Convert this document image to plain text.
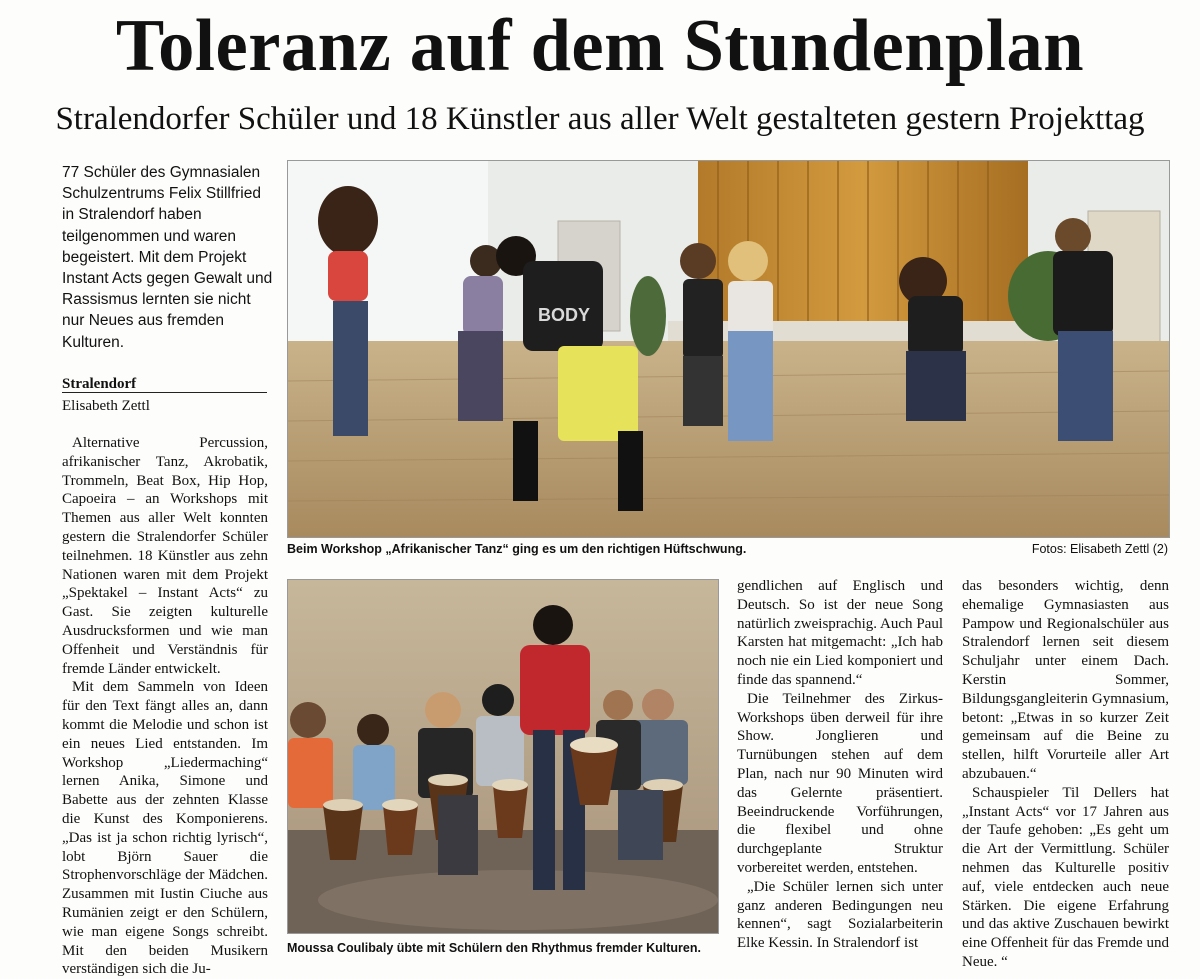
Toleranz auf dem Stundenplan
Stralendorfer Schüler und 18 Künstler aus aller Welt gestalteten gestern Projekttag
77 Schüler des Gymnasialen Schulzentrums Felix Stillfried in Stralendorf haben teilgenommen und waren begeistert. Mit dem Projekt Instant Acts gegen Gewalt und Rassismus lernten sie nicht nur Neues aus fremden Kulturen.
Stralendorf
Elisabeth Zettl

Alternative Percussion, afrikanischer Tanz, Akrobatik, Trommeln, Beat Box, Hip Hop, Capoeira – an Workshops mit Themen aus aller Welt konnten gestern die Stralendorfer Schüler teilnehmen. 18 Künstler aus zehn Nationen waren mit dem Projekt „Spektakel – Instant Acts“ zu Gast. Sie zeigten kulturelle Ausdrucksformen und wie man Offenheit und Verständnis für fremde Länder entwickelt.

Mit dem Sammeln von Ideen für den Text fängt alles an, dann kommt die Melodie und schon ist ein neues Lied entstanden. Im Workshop „Liedermaching“ lernen Anika, Simone und Babette aus der zehnten Klasse die Kunst des Komponierens. „Das ist ja schon richtig lyrisch“, lobt Björn Sauer die Strophenvorschläge der Mädchen. Zusammen mit Iustin Ciuche aus Rumänien zeigt er den Schülern, wie man eigene Songs schreibt. Mit den beiden Musikern verständigen sich die Ju-

BODY
Beim Workshop „Afrikanischer Tanz“ ging es um den richtigen Hüftschwung.	Fotos: Elisabeth Zettl (2)
Moussa Coulibaly übte mit Schülern den Rhythmus fremder Kulturen.

gendlichen auf Englisch und Deutsch. So ist der neue Song natürlich zweisprachig. Auch Paul Karsten hat mitgemacht: „Ich hab noch nie ein Lied komponiert und finde das spannend.“

Die Teilnehmer des Zirkus-Workshops üben derweil für ihre Show. Jonglieren und Turnübungen stehen auf dem Plan, nach nur 90 Minuten wird das Gelernte präsentiert. Beeindruckende Vorführungen, die flexibel und ohne durchgeplante Struktur vorbereitet werden, entstehen.

„Die Schüler lernen sich unter ganz anderen Bedingungen neu kennen“, sagt Sozialarbeiterin Elke Kessin. In Stralendorf ist

das besonders wichtig, denn ehemalige Gymnasiasten aus Pampow und Regionalschüler aus Stralendorf lernen seit diesem Schuljahr unter einem Dach. Kerstin Sommer, Bildungsgangleiterin Gymnasium, betont: „Etwas in so kurzer Zeit gemeinsam auf die Beine zu stellen, hilft Vorurteile aller Art abzubauen.“

Schauspieler Til Dellers hat „Instant Acts“ vor 17 Jahren aus der Taufe gehoben: „Es geht um die Art der Vermittlung. Schüler nehmen das Kulturelle positiv auf, viele entdecken auch neue Stärken. Die eigene Erfahrung und das aktive Zuschauen bewirkt eine Offenheit für das Fremde und Neue. “
